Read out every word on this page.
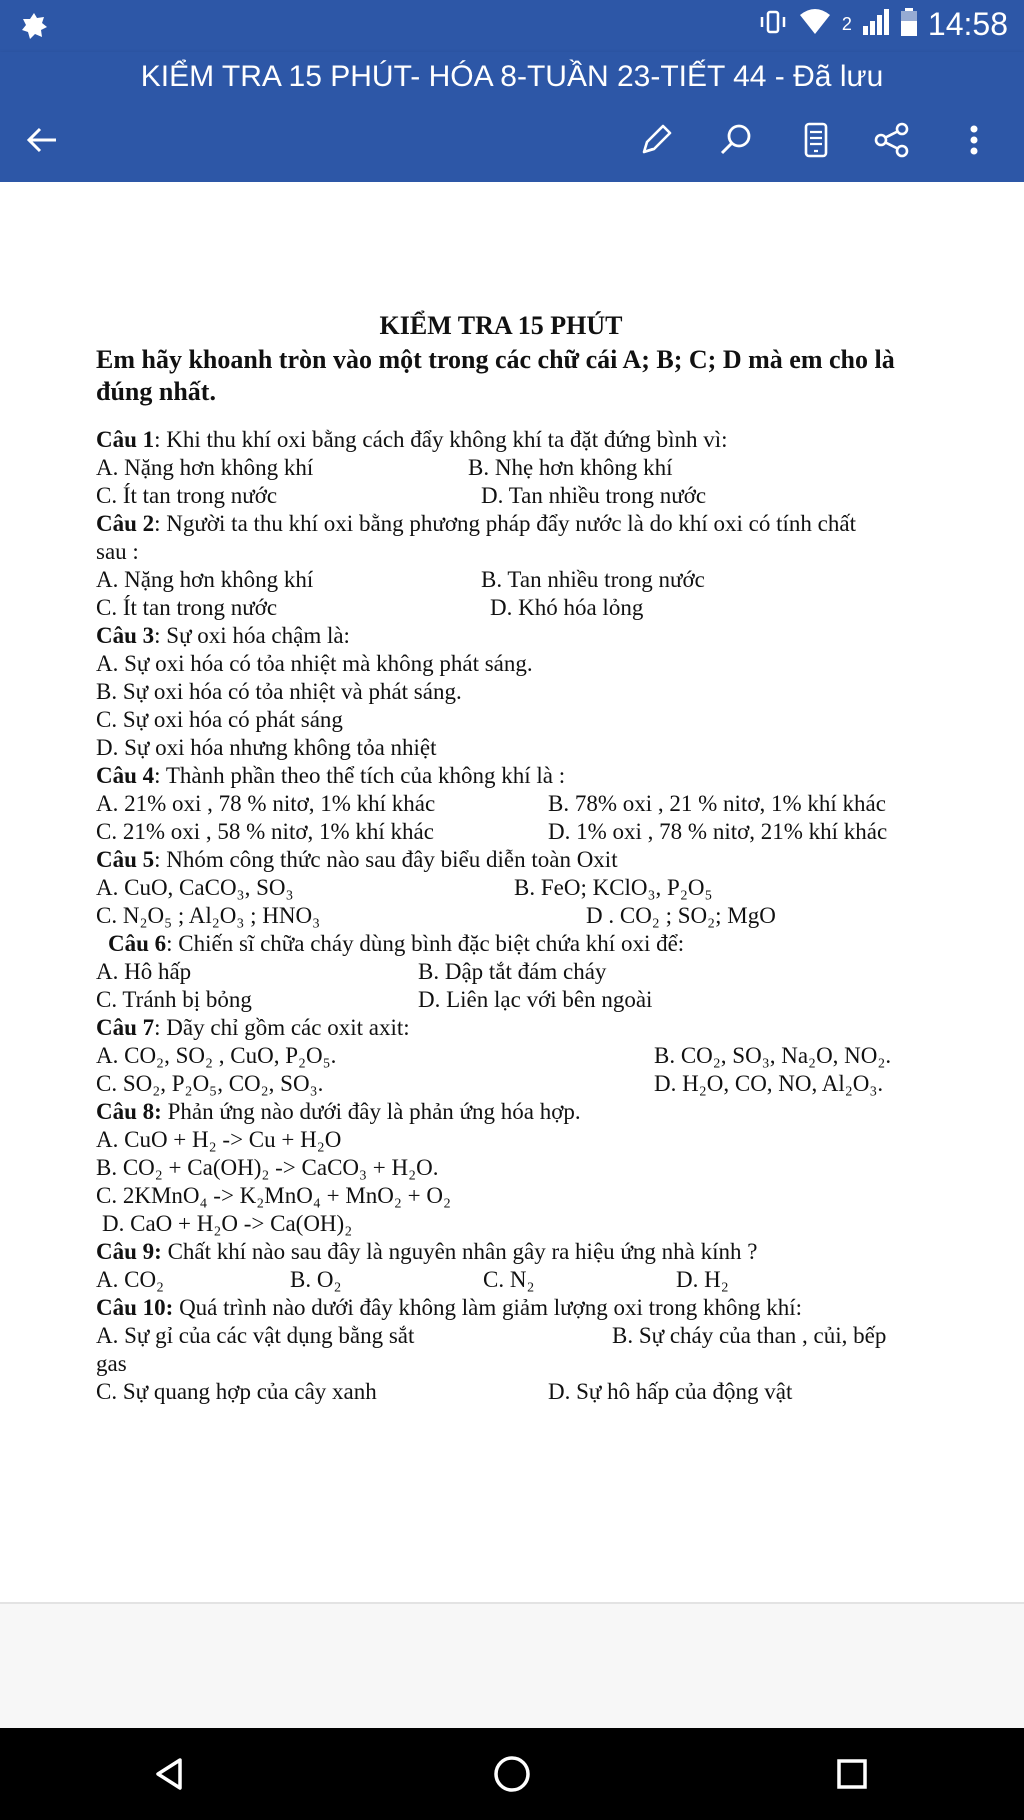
2 14:58
KIỂM TRA 15 PHÚT- HÓA 8-TUẦN 23-TIẾT 44 - Đã lưu
KIỂM TRA 15 PHÚT
Em hãy khoanh tròn vào một trong các chữ cái A; B; C; D mà em cho là đúng nhất.
Câu 1: Khi thu khí oxi bằng cách đẩy không khí ta đặt đứng bình vì:
A. Nặng hơn không khí	B. Nhẹ hơn không khí
C. Ít tan trong nước	D. Tan nhiều trong nước
Câu 2: Người ta thu khí oxi bằng phương pháp đẩy nước là do khí oxi có tính chất
sau :
A. Nặng hơn không khí	B. Tan nhiều trong nước
C. Ít tan trong nước	D. Khó hóa lỏng
Câu 3: Sự oxi hóa chậm là:
A. Sự oxi hóa có tỏa nhiệt mà không phát sáng.
B. Sự oxi hóa có tỏa nhiệt và phát sáng.
C. Sự oxi hóa có phát sáng
D. Sự oxi hóa nhưng không tỏa nhiệt
Câu 4: Thành phần theo thể tích của không khí là :
A. 21% oxi , 78 % nitơ, 1% khí khác	B. 78% oxi , 21 % nitơ, 1% khí khác
C. 21% oxi , 58 % nitơ, 1% khí khác	D. 1% oxi , 78 % nitơ, 21% khí khác
Câu 5: Nhóm công thức nào sau đây biểu diễn toàn Oxit
A. CuO, CaCO₃, SO₃	B. FeO; KClO₃, P₂O₅
C. N₂O₅ ; Al₂O₃ ; HNO₃	D . CO₂ ; SO₂; MgO
Câu 6: Chiến sĩ chữa cháy dùng bình đặc biệt chứa khí oxi để:
A. Hô hấp	B. Dập tắt đám cháy
C. Tránh bị bỏng	D. Liên lạc với bên ngoài
Câu 7: Dãy chỉ gồm các oxit axit:
A. CO₂, SO₂ , CuO, P₂O₅.	B. CO₂, SO₃, Na₂O, NO₂.
C. SO₂, P₂O₅, CO₂, SO₃.	D. H₂O, CO, NO, Al₂O₃.
Câu 8: Phản ứng nào dưới đây là phản ứng hóa hợp.
A. CuO + H₂ -> Cu + H₂O
B. CO₂ + Ca(OH)₂ -> CaCO₃ + H₂O.
C. 2KMnO₄ -> K₂MnO₄ + MnO₂ + O₂
D. CaO + H₂O -> Ca(OH)₂
Câu 9: Chất khí nào sau đây là nguyên nhân gây ra hiệu ứng nhà kính ?
A. CO₂	B. O₂	C. N₂	D. H₂
Câu 10: Quá trình nào dưới đây không làm giảm lượng oxi trong không khí:
A. Sự gỉ của các vật dụng bằng sắt	B. Sự cháy của than , củi, bếp
gas
C. Sự quang hợp của cây xanh	D. Sự hô hấp của động vật
